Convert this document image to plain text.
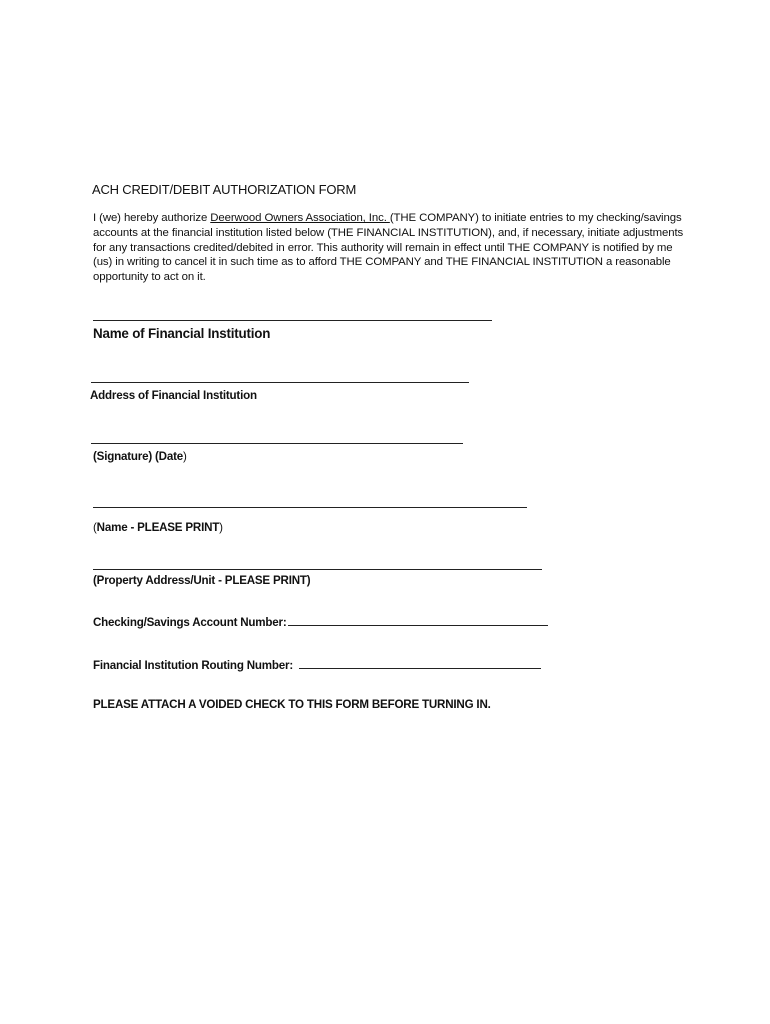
ACH CREDIT/DEBIT AUTHORIZATION FORM
I (we) hereby authorize Deerwood Owners Association, Inc. (THE COMPANY) to initiate entries to my checking/savings accounts at the financial institution listed below (THE FINANCIAL INSTITUTION), and, if necessary, initiate adjustments for any transactions credited/debited in error. This authority will remain in effect until THE COMPANY is notified by me (us) in writing to cancel it in such time as to afford THE COMPANY and THE FINANCIAL INSTITUTION a reasonable opportunity to act on it.
Name of Financial Institution
Address of Financial Institution
(Signature) (Date)
(Name - PLEASE PRINT)
(Property Address/Unit - PLEASE PRINT)
Checking/Savings Account Number:
Financial Institution Routing Number:
PLEASE ATTACH A VOIDED CHECK TO THIS FORM BEFORE TURNING IN.
